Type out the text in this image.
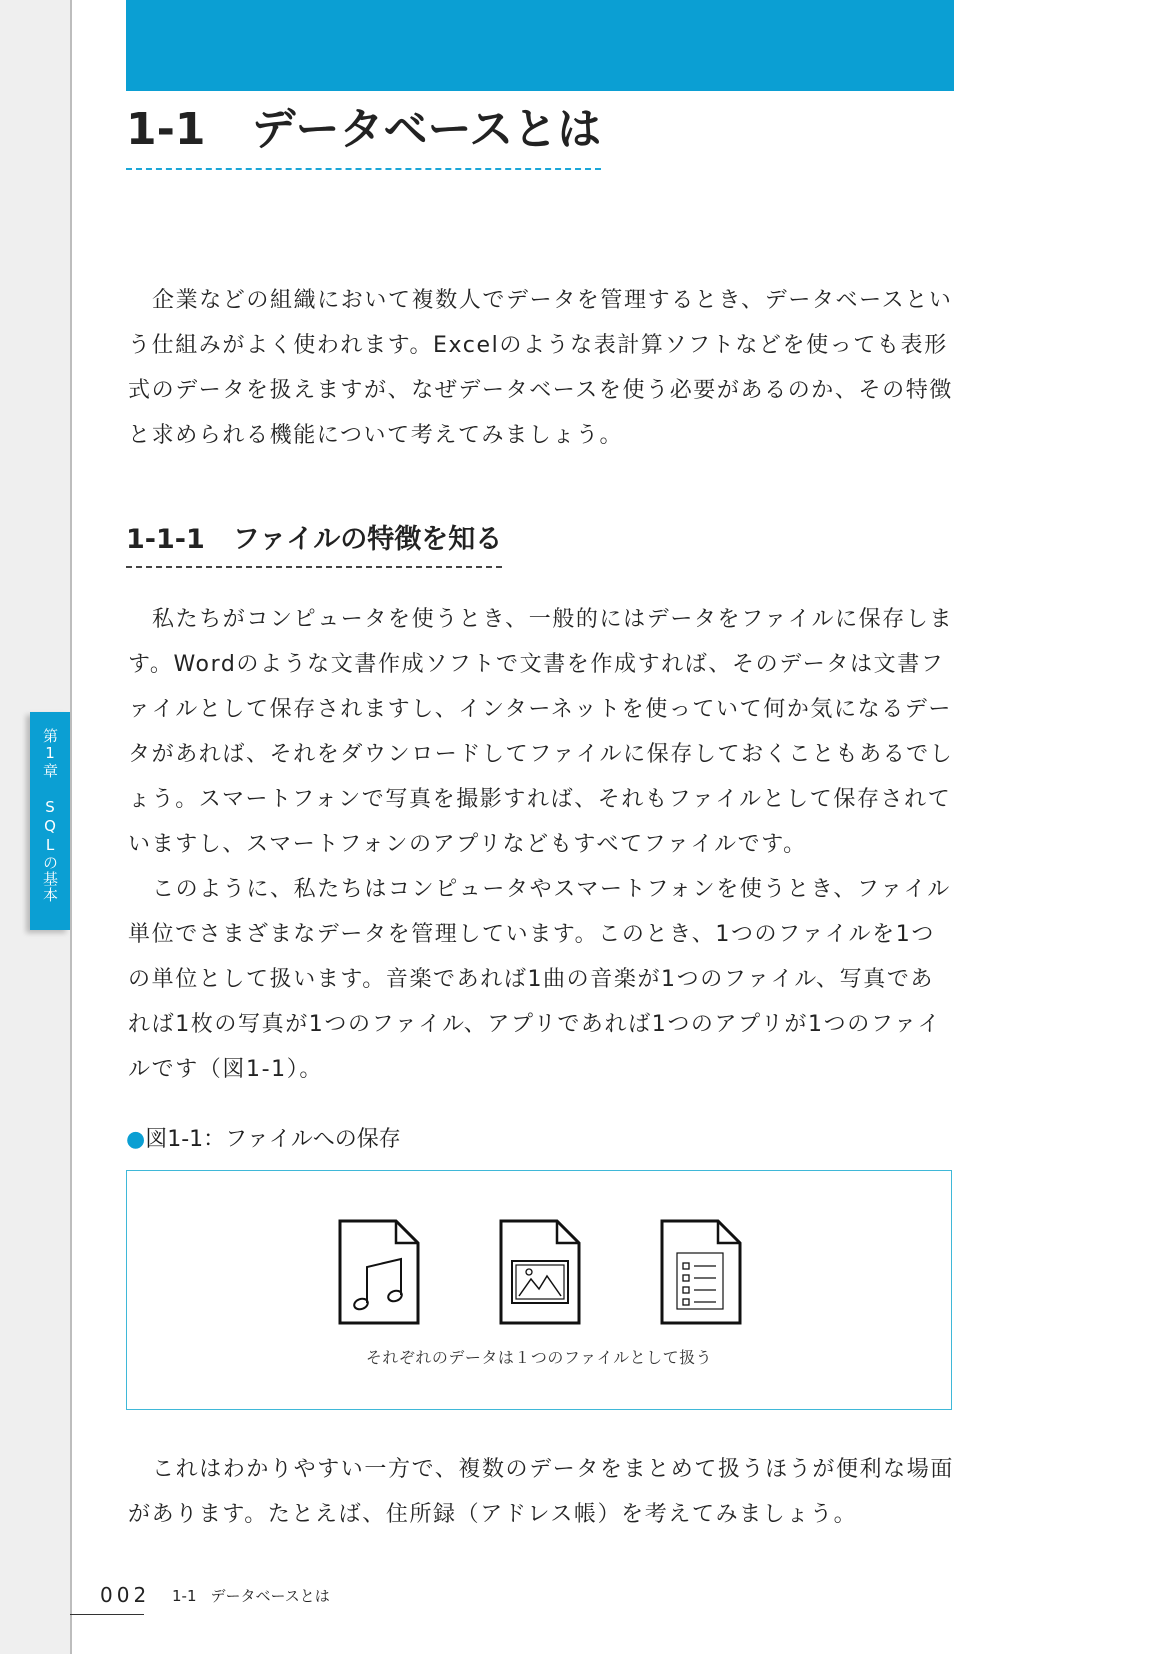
第1章 SQLの基本
1-1 データベースとは

企業などの組織において複数人でデータを管理するとき、データベースという仕組みがよく使われます。Excelのような表計算ソフトなどを使っても表形式のデータを扱えますが、なぜデータベースを使う必要があるのか、その特徴と求められる機能について考えてみましょう。

1-1-1 ファイルの特徴を知る

私たちがコンピュータを使うとき、一般的にはデータをファイルに保存します。Wordのような文書作成ソフトで文書を作成すれば、そのデータは文書ファイルとして保存されますし、インターネットを使っていて何か気になるデータがあれば、それをダウンロードしてファイルに保存しておくこともあるでしょう。スマートフォンで写真を撮影すれば、それもファイルとして保存されていますし、スマートフォンのアプリなどもすべてファイルです。

このように、私たちはコンピュータやスマートフォンを使うとき、ファイル単位でさまざまなデータを管理しています。このとき、1つのファイルを1つの単位として扱います。音楽であれば1曲の音楽が1つのファイル、写真であれば1枚の写真が1つのファイル、アプリであれば1つのアプリが1つのファイルです（図1-1）。

●図1-1：ファイルへの保存

それぞれのデータは１つのファイルとして扱う

これはわかりやすい一方で、複数のデータをまとめて扱うほうが便利な場面があります。たとえば、住所録（アドレス帳）を考えてみましょう。

002 1-1 データベースとは
